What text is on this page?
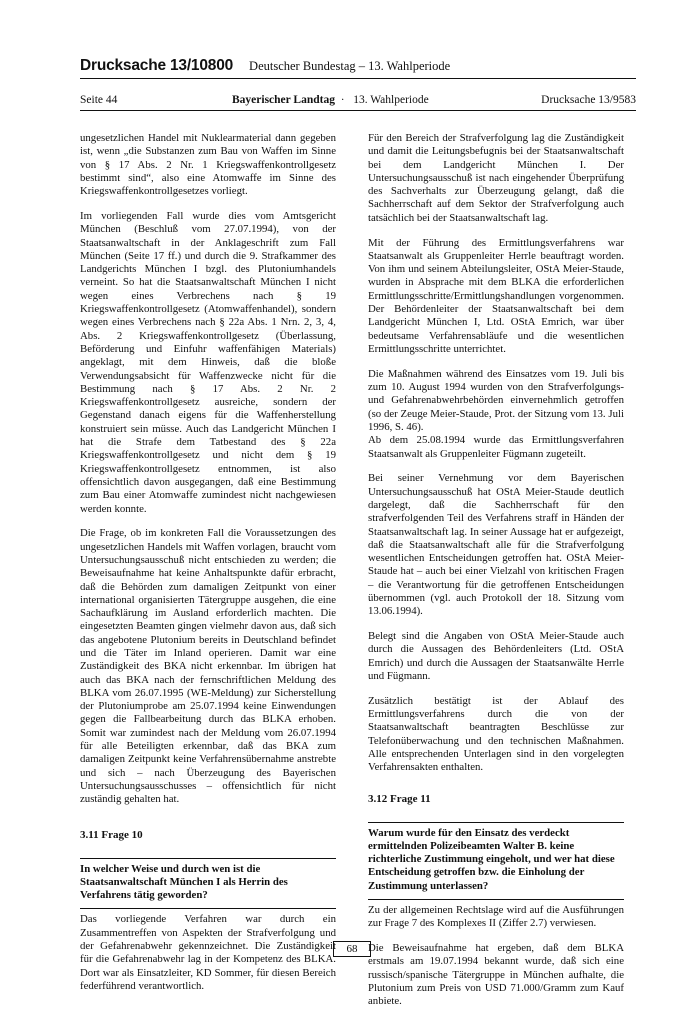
Drucksache 13/10800 Deutscher Bundestag – 13. Wahlperiode
Seite 44	Bayerischer Landtag · 13. Wahlperiode	Drucksache 13/9583

ungesetzlichen Handel mit Nuklearmaterial dann gegeben ist, wenn „die Substanzen zum Bau von Waffen im Sinne von § 17 Abs. 2 Nr. 1 Kriegswaffenkontrollgesetz bestimmt sind“, also eine Atomwaffe im Sinne des Kriegswaffenkontrollgesetzes vorliegt.

Im vorliegenden Fall wurde dies vom Amtsgericht München (Beschluß vom 27.07.1994), von der Staatsanwaltschaft in der Anklageschrift zum Fall München (Seite 17 ff.) und durch die 9. Strafkammer des Landgerichts München I bzgl. des Plutoniumhandels verneint. So hat die Staatsanwaltschaft München I nicht wegen eines Verbrechens nach § 19 Kriegswaffenkontrollgesetz (Atomwaffenhandel), sondern wegen eines Verbrechens nach § 22a Abs. 1 Nrn. 2, 3, 4, Abs. 2 Kriegswaffenkontrollgesetz (Überlassung, Beförderung und Einfuhr waffenfähigen Materials) angeklagt, mit dem Hinweis, daß die bloße Verwendungsabsicht für Waffenzwecke nicht für die Bestimmung nach § 17 Abs. 2 Nr. 2 Kriegswaffenkontrollgesetz ausreiche, sondern der Gegenstand danach eigens für die Waffenherstellung konstruiert sein müsse. Auch das Landgericht München I hat die Strafe dem Tatbestand des § 22a Kriegswaffenkontrollgesetz und nicht dem § 19 Kriegswaffenkontrollgesetz entnommen, ist also offensichtlich davon ausgegangen, daß eine Bestimmung zum Bau einer Atomwaffe zumindest nicht nachgewiesen werden konnte.

Die Frage, ob im konkreten Fall die Voraussetzungen des ungesetzlichen Handels mit Waffen vorlagen, braucht vom Untersuchungsausschuß nicht entschieden zu werden; die Beweisaufnahme hat keine Anhaltspunkte dafür erbracht, daß die Behörden zum damaligen Zeitpunkt von einer international organisierten Tätergruppe ausgehen, die eine Sachaufklärung im Ausland erforderlich machten. Die eingesetzten Beamten gingen vielmehr davon aus, daß sich das angebotene Plutonium bereits in Deutschland befindet und die Täter im Inland operieren. Damit war eine Zuständigkeit des BKA nicht erkennbar. Im übrigen hat auch das BKA nach der fernschriftlichen Meldung des BLKA vom 26.07.1995 (WE-Meldung) zur Sicherstellung der Plutoniumprobe am 25.07.1994 keine Einwendungen gegen die Fallbearbeitung durch das BLKA erhoben. Somit war zumindest nach der Meldung vom 26.07.1994 für alle Beteiligten erkennbar, daß das BKA zum damaligen Zeitpunkt keine Verfahrensübernahme anstrebte und sich – nach Überzeugung des Bayerischen Untersuchungsausschusses – offensichtlich für nicht zuständig gehalten hat.

3.11 Frage 10

In welcher Weise und durch wen ist die Staatsanwaltschaft München I als Herrin des Verfahrens tätig geworden?

Das vorliegende Verfahren war durch ein Zusammentreffen von Aspekten der Strafverfolgung und der Gefahrenabwehr gekennzeichnet. Die Zuständigkeit für die Gefahrenabwehr lag in der Kompetenz des BLKA. Dort war als Einsatzleiter, KD Sommer, für diesen Bereich federführend verantwortlich.

Für den Bereich der Strafverfolgung lag die Zuständigkeit und damit die Leitungsbefugnis bei der Staatsanwaltschaft bei dem Landgericht München I. Der Untersuchungsausschuß ist nach eingehender Überprüfung des Sachverhalts zur Überzeugung gelangt, daß die Sachherrschaft auf dem Sektor der Strafverfolgung auch tatsächlich bei der Staatsanwaltschaft lag.

Mit der Führung des Ermittlungsverfahrens war Staatsanwalt als Gruppenleiter Herrle beauftragt worden. Von ihm und seinem Abteilungsleiter, OStA Meier-Staude, wurden in Absprache mit dem BLKA die erforderlichen Ermittlungsschritte/Ermittlungshandlungen vorgenommen. Der Behördenleiter der Staatsanwaltschaft bei dem Landgericht München I, Ltd. OStA Emrich, war über bedeutsame Verfahrensabläufe und die wesentlichen Ermittlungsschritte unterrichtet.

Die Maßnahmen während des Einsatzes vom 19. Juli bis zum 10. August 1994 wurden von den Strafverfolgungs- und Gefahrenabwehrbehörden einvernehmlich getroffen (so der Zeuge Meier-Staude, Prot. der Sitzung vom 13. Juli 1996, S. 46).

Ab dem 25.08.1994 wurde das Ermittlungsverfahren Staatsanwalt als Gruppenleiter Fügmann zugeteilt.

Bei seiner Vernehmung vor dem Bayerischen Untersuchungsausschuß hat OStA Meier-Staude deutlich dargelegt, daß die Sachherrschaft für den strafverfolgenden Teil des Verfahrens straff in Händen der Staatsanwaltschaft lag. In seiner Aussage hat er aufgezeigt, daß die Staatsanwaltschaft alle für die Strafverfolgung wesentlichen Entscheidungen getroffen hat. OStA Meier-Staude hat – auch bei einer Vielzahl von kritischen Fragen – die Verantwortung für die getroffenen Entscheidungen übernommen (vgl. auch Protokoll der 18. Sitzung vom 13.06.1994).

Belegt sind die Angaben von OStA Meier-Staude auch durch die Aussagen des Behördenleiters (Ltd. OStA Emrich) und durch die Aussagen der Staatsanwälte Herrle und Fügmann.

Zusätzlich bestätigt ist der Ablauf des Ermittlungsverfahrens durch die von der Staatsanwaltschaft beantragten Beschlüsse zur Telefonüberwachung und den technischen Maßnahmen. Alle entsprechenden Unterlagen sind in den vorgelegten Verfahrensakten enthalten.

3.12 Frage 11

Warum wurde für den Einsatz des verdeckt ermittelnden Polizeibeamten Walter B. keine richterliche Zustimmung eingeholt, und wer hat diese Entscheidung getroffen bzw. die Einholung der Zustimmung unterlassen?

Zu der allgemeinen Rechtslage wird auf die Ausführungen zur Frage 7 des Komplexes II (Ziffer 2.7) verwiesen.

Die Beweisaufnahme hat ergeben, daß dem BLKA erstmals am 19.07.1994 bekannt wurde, daß sich eine russisch/spanische Tätergruppe in München aufhalte, die Plutonium zum Preis von USD 71.000/Gramm zum Kauf anbiete.

68
